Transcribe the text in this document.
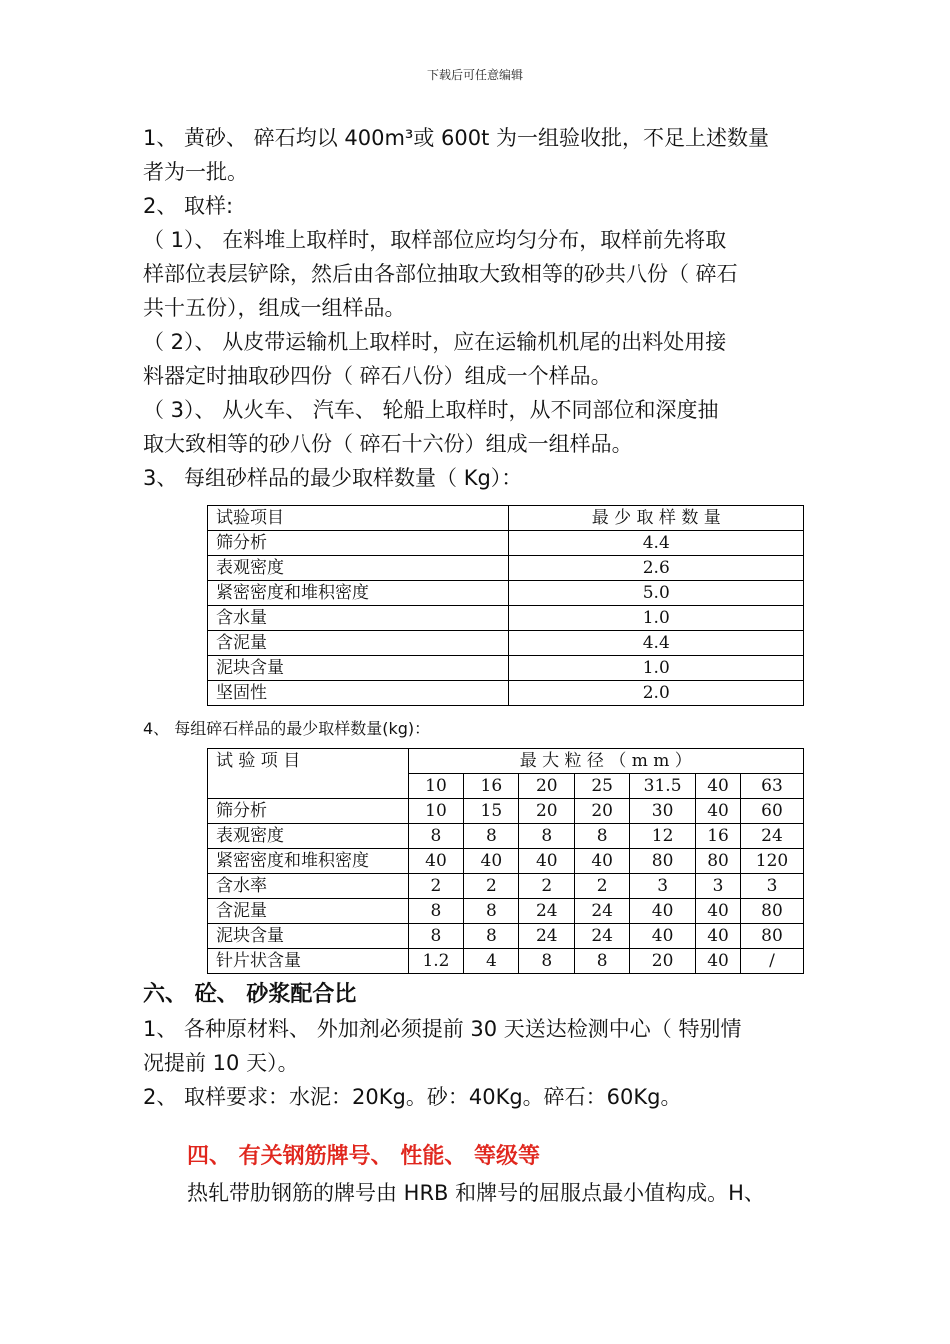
下载后可任意编辑
1、 黄砂、 碎石均以 400m³或 600t 为一组验收批，不足上述数量
者为一批。
2、 取样:
（ 1）、 在料堆上取样时，取样部位应均匀分布，取样前先将取
样部位表层铲除，然后由各部位抽取大致相等的砂共八份（ 碎石
共十五份），组成一组样品。
（ 2）、 从皮带运输机上取样时，应在运输机机尾的出料处用接
料器定时抽取砂四份（ 碎石八份）组成一个样品。
（ 3）、 从火车、 汽车、 轮船上取样时，从不同部位和深度抽
取大致相等的砂八份（ 碎石十六份）组成一组样品。
3、 每组砂样品的最少取样数量（ Kg）：
试验项目	最 少 取 样 数 量
筛分析	4.4
表观密度	2.6
紧密密度和堆积密度	5.0
含水量	1.0
含泥量	4.4
泥块含量	1.0
坚固性	2.0
4、 每组碎石样品的最少取样数量(kg)：
试 验 项 目	最 大 粒 径 （ m m ）						
	10	16	20	25	31.5	40	63
筛分析	10	15	20	20	30	40	60
表观密度	8	8	8	8	12	16	24
紧密密度和堆积密度	40	40	40	40	80	80	120
含水率	2	2	2	2	3	3	3
含泥量	8	8	24	24	40	40	80
泥块含量	8	8	24	24	40	40	80
针片状含量	1.2	4	8	8	20	40	/
六、 砼、 砂浆配合比
1、 各种原材料、 外加剂必须提前 30 天送达检测中心（ 特别情
况提前 10 天）。
2、 取样要求：水泥：20Kg。砂：40Kg。碎石：60Kg。
四、 有关钢筋牌号、 性能、 等级等
热轧带肋钢筋的牌号由 HRB 和牌号的屈服点最小值构成。H、
